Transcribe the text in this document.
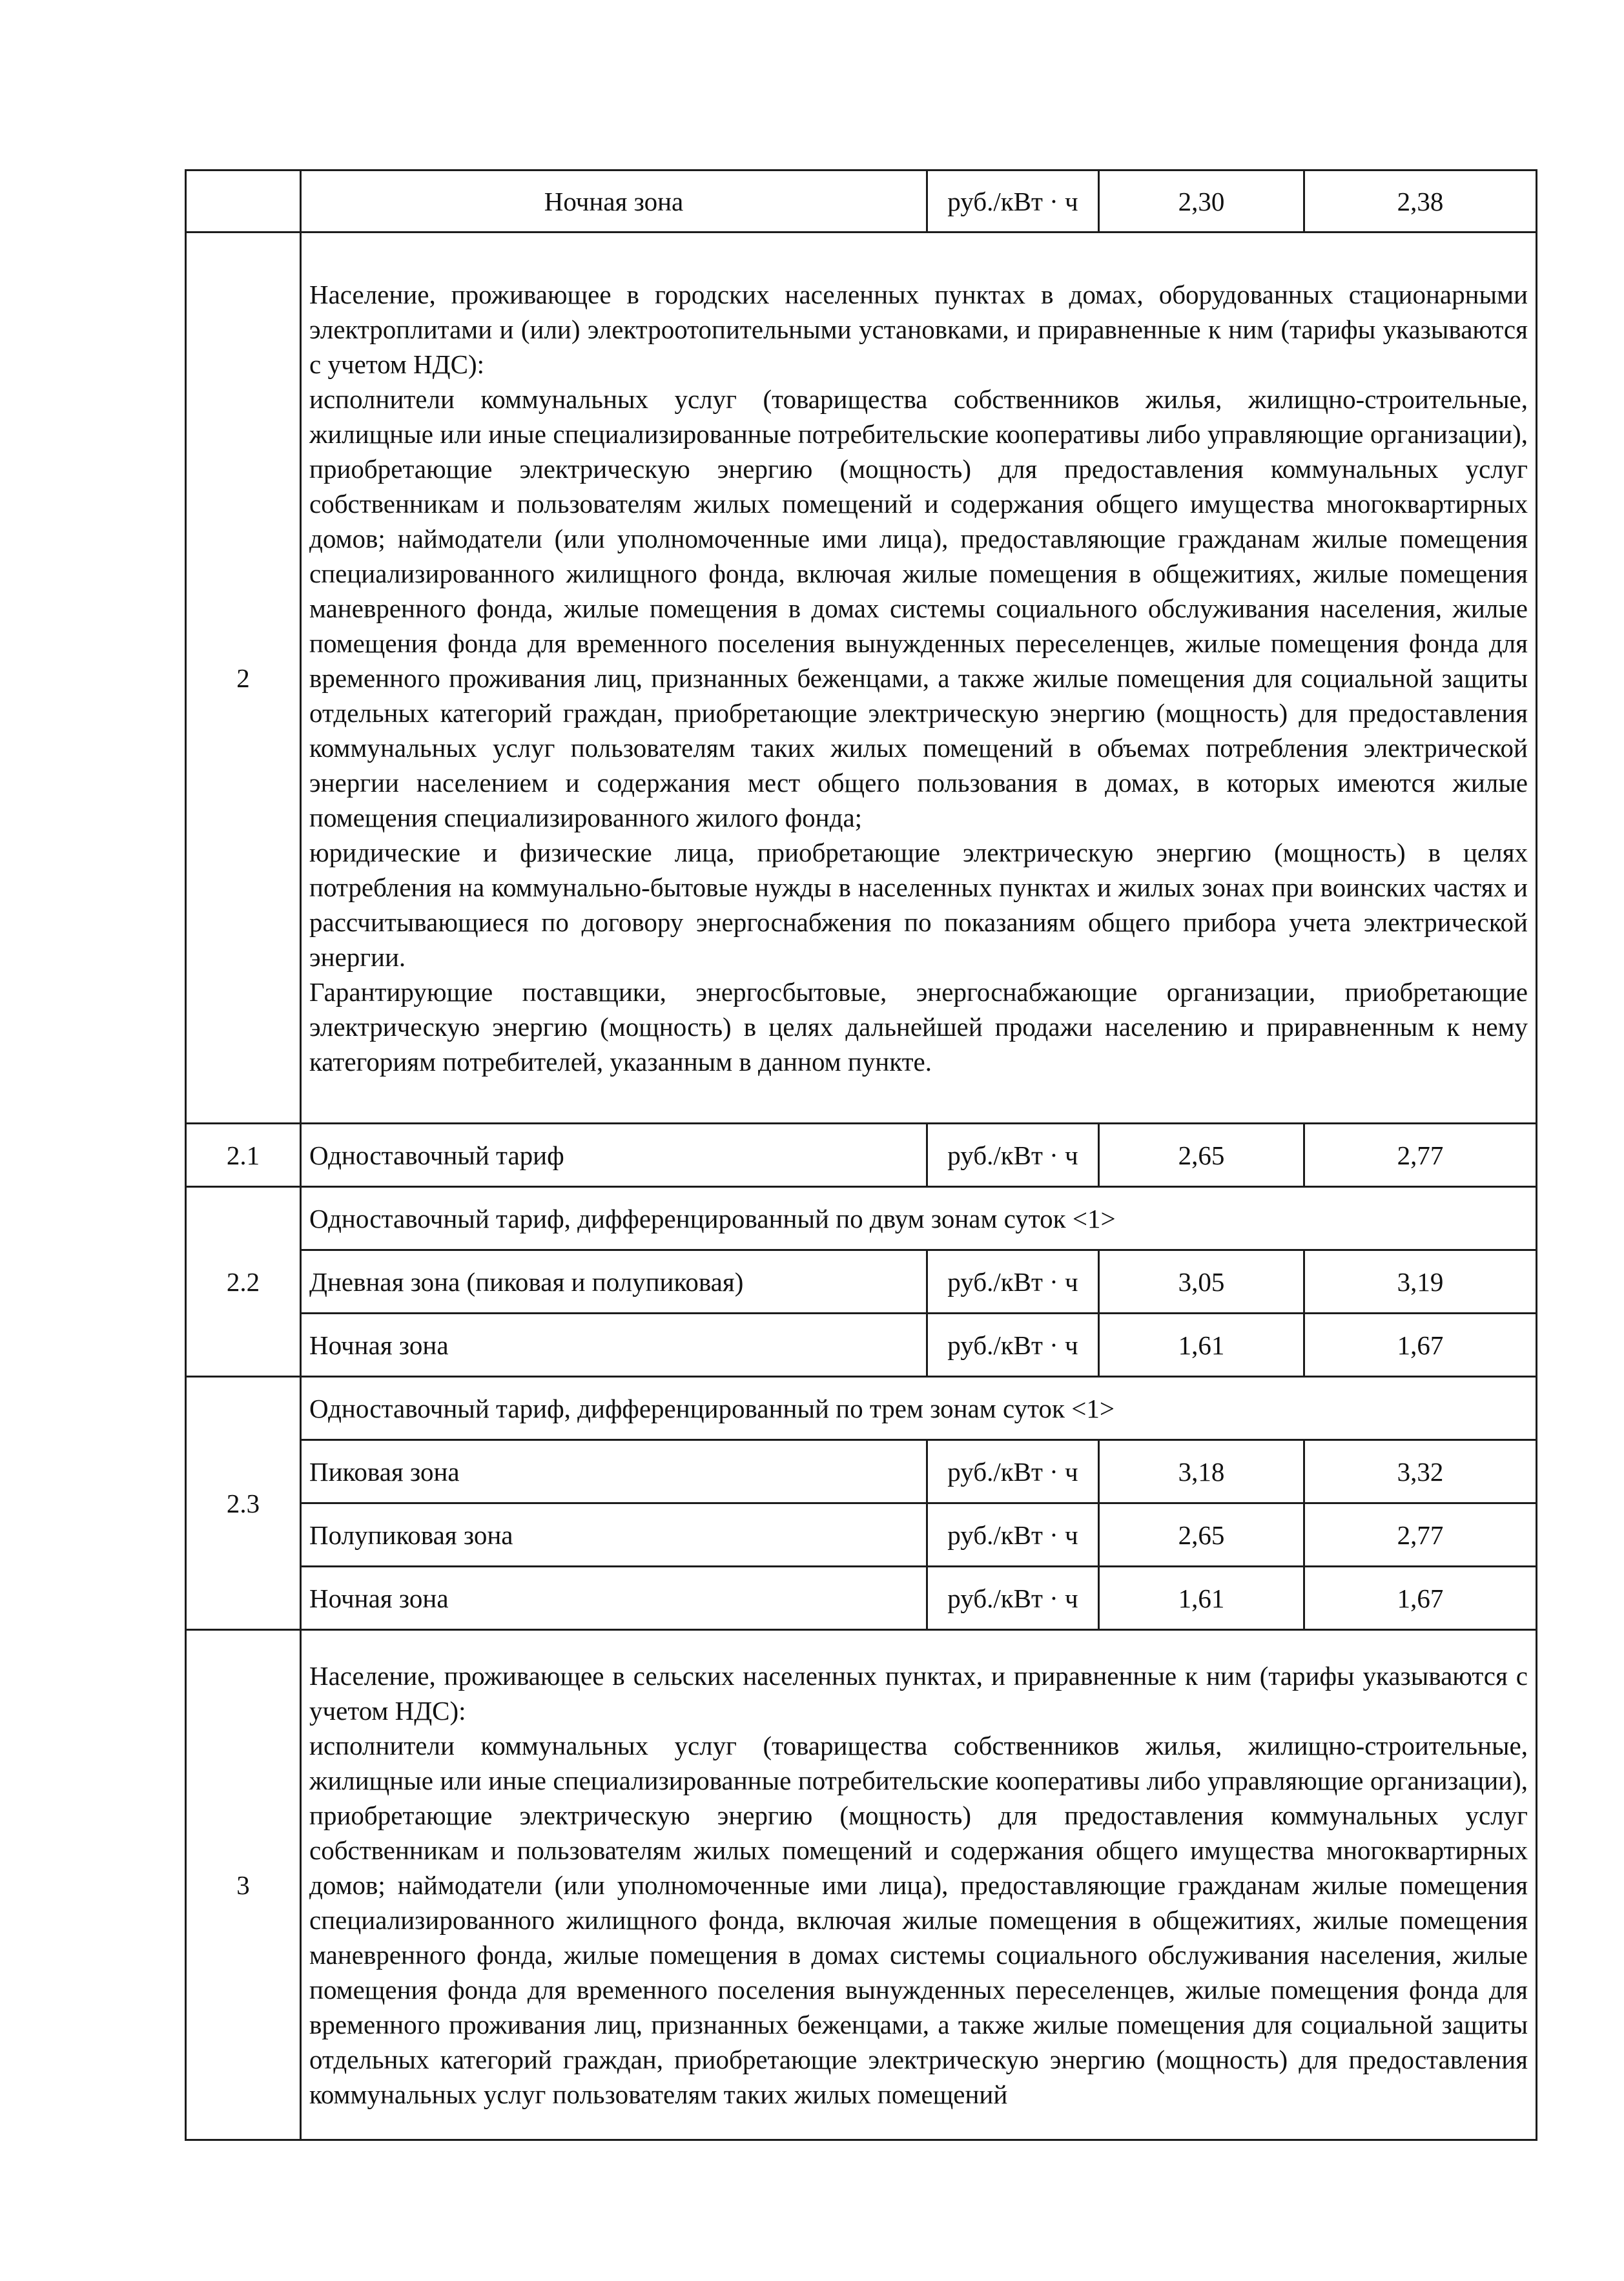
	Ночная зона	руб./кВт · ч	2,30	2,38
2	Население, проживающее в городских населенных пунктах в домах, оборудованных стационарными электроплитами и (или) электроотопительными установками, и приравненные к ним (тарифы указываются с учетом НДС):
исполнители коммунальных услуг (товарищества собственников жилья, жилищно-строительные, жилищные или иные специализированные потребительские кооперативы либо управляющие организации), приобретающие электрическую энергию (мощность) для предоставления коммунальных услуг собственникам и пользователям жилых помещений и содержания общего имущества многоквартирных домов; наймодатели (или уполномоченные ими лица), предоставляющие гражданам жилые помещения специализированного жилищного фонда, включая жилые помещения в общежитиях, жилые помещения маневренного фонда, жилые помещения в домах системы социального обслуживания населения, жилые помещения фонда для временного поселения вынужденных переселенцев, жилые помещения фонда для временного проживания лиц, признанных беженцами, а также жилые помещения для социальной защиты отдельных категорий граждан, приобретающие электрическую энергию (мощность) для предоставления коммунальных услуг пользователям таких жилых помещений в объемах потребления электрической энергии населением и содержания мест общего пользования в домах, в которых имеются жилые помещения специализированного жилого фонда;
юридические и физические лица, приобретающие электрическую энергию (мощность) в целях потребления на коммунально-бытовые нужды в населенных пунктах и жилых зонах при воинских частях и рассчитывающиеся по договору энергоснабжения по показаниям общего прибора учета электрической энергии.
Гарантирующие поставщики, энергосбытовые, энергоснабжающие организации, приобретающие электрическую энергию (мощность) в целях дальнейшей продажи населению и приравненным к нему категориям потребителей, указанным в данном пункте.			

2.1	Одноставочный тариф	руб./кВт · ч	2,65	2,77
2.2	Одноставочный тариф, дифференцированный по двум зонам суток <1>			
	Дневная зона (пиковая и полупиковая)	руб./кВт · ч	3,05	3,19
	Ночная зона	руб./кВт · ч	1,61	1,67
2.3	Одноставочный тариф, дифференцированный по трем зонам суток <1>			
	Пиковая зона	руб./кВт · ч	3,18	3,32
	Полупиковая зона	руб./кВт · ч	2,65	2,77
	Ночная зона	руб./кВт · ч	1,61	1,67
3	Население, проживающее в сельских населенных пунктах, и приравненные к ним (тарифы указываются с учетом НДС):
исполнители коммунальных услуг (товарищества собственников жилья, жилищно-строительные, жилищные или иные специализированные потребительские кооперативы либо управляющие организации), приобретающие электрическую энергию (мощность) для предоставления коммунальных услуг собственникам и пользователям жилых помещений и содержания общего имущества многоквартирных домов; наймодатели (или уполномоченные ими лица), предоставляющие гражданам жилые помещения специализированного жилищного фонда, включая жилые помещения в общежитиях, жилые помещения маневренного фонда, жилые помещения в домах системы социального обслуживания населения, жилые помещения фонда для временного поселения вынужденных переселенцев, жилые помещения фонда для временного проживания лиц, признанных беженцами, а также жилые помещения для социальной защиты отдельных категорий граждан, приобретающие электрическую энергию (мощность) для предоставления коммунальных услуг пользователям таких жилых помещений			
